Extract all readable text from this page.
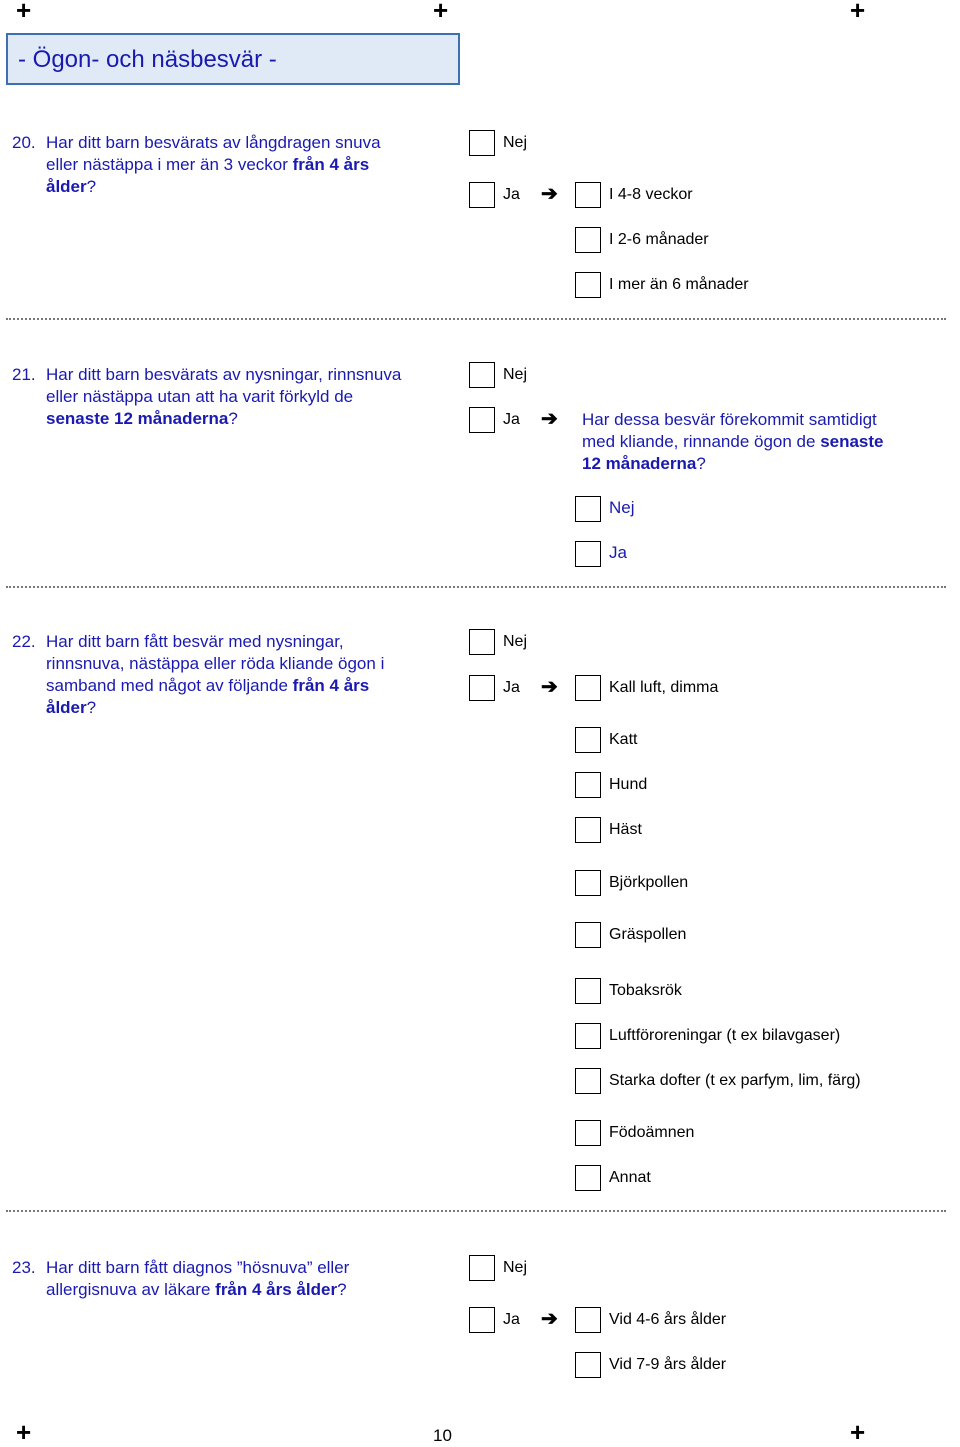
+	+	+
- Ögon- och näsbesvär -
20. Har ditt barn besvärats av långdragen snuva
eller nästäppa i mer än 3 veckor från 4 års
ålder?
Nej
Ja ➔	I 4-8 veckor
I 2-6 månader
I mer än 6 månader
21. Har ditt barn besvärats av nysningar, rinnsnuva
eller nästäppa utan att ha varit förkyld de
senaste 12 månaderna?
Nej
Ja ➔ Har dessa besvär förekommit samtidigt
med kliande, rinnande ögon de senaste
12 månaderna?
Nej
Ja
22. Har ditt barn fått besvär med nysningar,
rinnsnuva, nästäppa eller röda kliande ögon i
samband med något av följande från 4 års
ålder?
Nej
Ja ➔	Kall luft, dimma
Katt
Hund
Häst
Björkpollen
Gräspollen
Tobaksrök
Luftföroreningar (t ex bilavgaser)
Starka dofter (t ex parfym, lim, färg)
Födoämnen
Annat
23. Har ditt barn fått diagnos ”hösnuva” eller
allergisnuva av läkare från 4 års ålder?
Nej
Ja ➔	Vid 4-6 års ålder
Vid 7-9 års ålder
+	10	+
